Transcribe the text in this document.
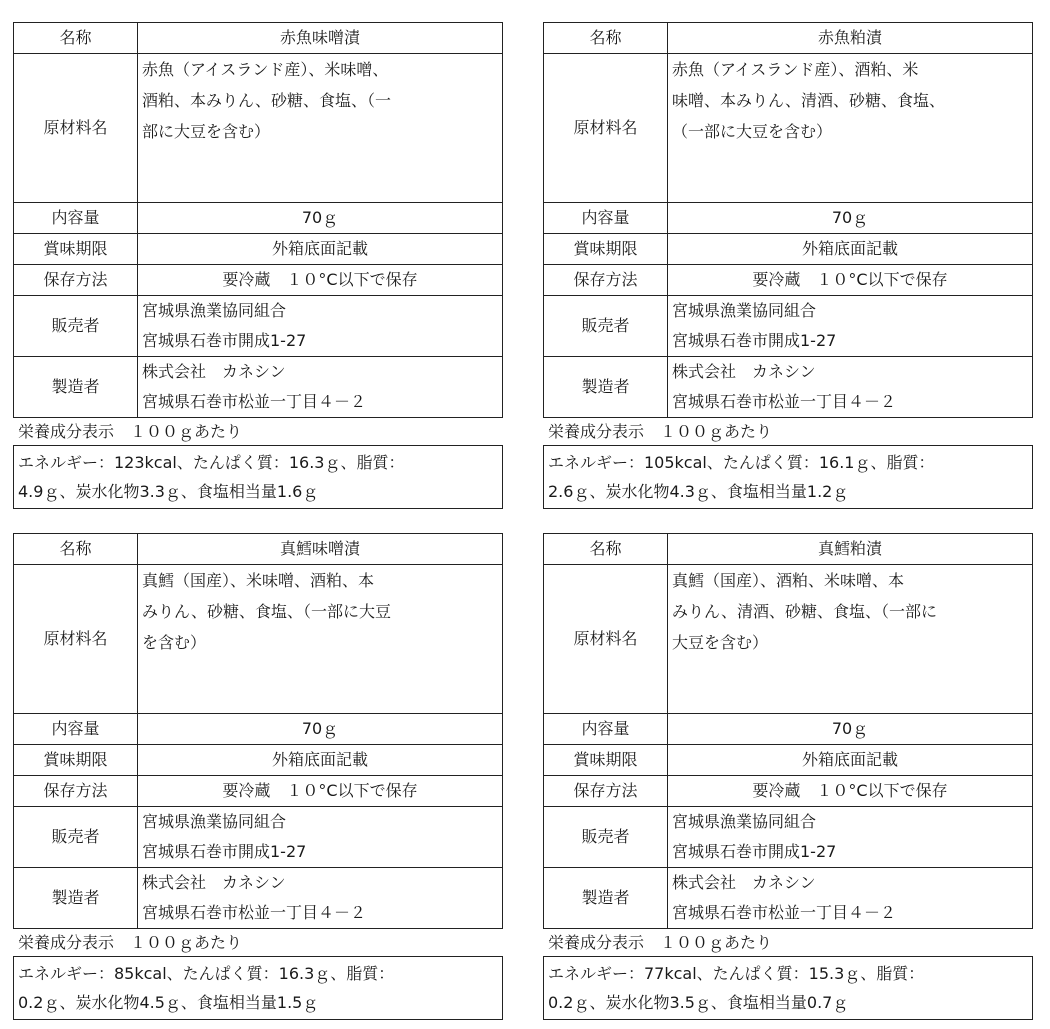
名称	赤魚味噌漬
原材料名	赤魚（アイスランド産）、米味噌、
酒粕、本みりん、砂糖、食塩、（一
部に大豆を含む）

内容量	70ｇ
賞味期限	外箱底面記載
保存方法	要冷蔵　１０°C以下で保存
販売者	宮城県漁業協同組合
宮城県石巻市開成1-27

製造者	株式会社　カネシン
宮城県石巻市松並一丁目４－２
栄養成分表示　１００ｇあたり
エネルギー：123kcal、たんぱく質：16.3ｇ、脂質：
4.9ｇ、炭水化物3.3ｇ、食塩相当量1.6ｇ
名称	赤魚粕漬
原材料名	赤魚（アイスランド産）、酒粕、米
味噌、本みりん、清酒、砂糖、食塩、
（一部に大豆を含む）

内容量	70ｇ
賞味期限	外箱底面記載
保存方法	要冷蔵　１０°C以下で保存
販売者	宮城県漁業協同組合
宮城県石巻市開成1-27

製造者	株式会社　カネシン
宮城県石巻市松並一丁目４－２
栄養成分表示　１００ｇあたり
エネルギー：105kcal、たんぱく質：16.1ｇ、脂質：
2.6ｇ、炭水化物4.3ｇ、食塩相当量1.2ｇ
名称	真鱈味噌漬
原材料名	真鱈（国産）、米味噌、酒粕、本
みりん、砂糖、食塩、（一部に大豆
を含む）

内容量	70ｇ
賞味期限	外箱底面記載
保存方法	要冷蔵　１０°C以下で保存
販売者	宮城県漁業協同組合
宮城県石巻市開成1-27

製造者	株式会社　カネシン
宮城県石巻市松並一丁目４－２
栄養成分表示　１００ｇあたり
エネルギー：85kcal、たんぱく質：16.3ｇ、脂質：
0.2ｇ、炭水化物4.5ｇ、食塩相当量1.5ｇ
名称	真鱈粕漬
原材料名	真鱈（国産）、酒粕、米味噌、本
みりん、清酒、砂糖、食塩、（一部に
大豆を含む）

内容量	70ｇ
賞味期限	外箱底面記載
保存方法	要冷蔵　１０°C以下で保存
販売者	宮城県漁業協同組合
宮城県石巻市開成1-27

製造者	株式会社　カネシン
宮城県石巻市松並一丁目４－２
栄養成分表示　１００ｇあたり
エネルギー：77kcal、たんぱく質：15.3ｇ、脂質：
0.2ｇ、炭水化物3.5ｇ、食塩相当量0.7ｇ
